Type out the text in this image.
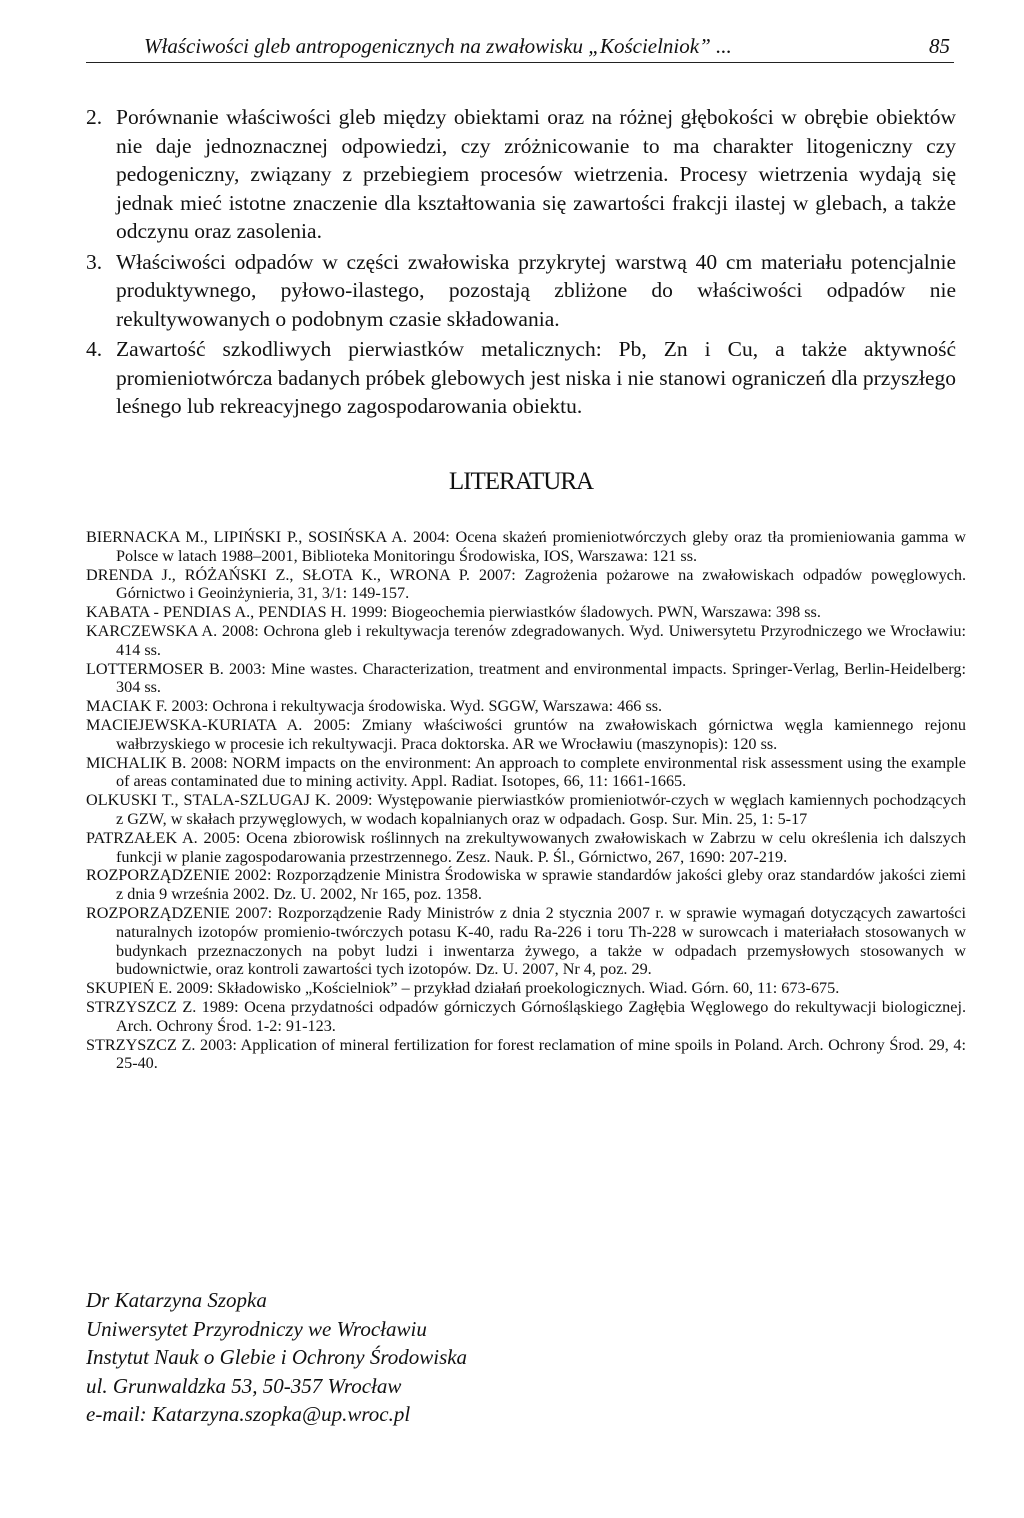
Właściwości gleb antropogenicznych na zwałowisku „Kościelniok” ...	85
2. Porównanie właściwości gleb między obiektami oraz na różnej głębokości w obrębie obiektów nie daje jednoznacznej odpowiedzi, czy zróżnicowanie to ma charakter litogeniczny czy pedogeniczny, związany z przebiegiem procesów wietrzenia. Procesy wietrzenia wydają się jednak mieć istotne znaczenie dla kształtowania się zawartości frakcji ilastej w glebach, a także odczynu oraz zasolenia.
3. Właściwości odpadów w części zwałowiska przykrytej warstwą 40 cm materiału potencjalnie produktywnego, pyłowo-ilastego, pozostają zbliżone do właściwości odpadów nie rekultywowanych o podobnym czasie składowania.
4. Zawartość szkodliwych pierwiastków metalicznych: Pb, Zn i Cu, a także aktywność promieniotwórcza badanych próbek glebowych jest niska i nie stanowi ograniczeń dla przyszłego leśnego lub rekreacyjnego zagospodarowania obiektu.
LITERATURA
BIERNACKA M., LIPIŃSKI P., SOSIŃSKA A. 2004: Ocena skażeń promieniotwórczych gleby oraz tła promieniowania gamma w Polsce w latach 1988–2001, Biblioteka Monitoringu Środowiska, IOS, Warszawa: 121 ss.
DRENDA J., RÓŻAŃSKI Z., SŁOTA K., WRONA P. 2007: Zagrożenia pożarowe na zwałowiskach odpadów powęglowych. Górnictwo i Geoinżynieria, 31, 3/1: 149-157.
KABATA - PENDIAS A., PENDIAS H. 1999: Biogeochemia pierwiastków śladowych. PWN, Warszawa: 398 ss.
KARCZEWSKA A. 2008: Ochrona gleb i rekultywacja terenów zdegradowanych. Wyd. Uniwersytetu Przyrodniczego we Wrocławiu: 414 ss.
LOTTERMOSER B. 2003: Mine wastes. Characterization, treatment and environmental impacts. Springer-Verlag, Berlin-Heidelberg: 304 ss.
MACIAK F. 2003: Ochrona i rekultywacja środowiska. Wyd. SGGW, Warszawa: 466 ss.
MACIEJEWSKA-KURIATA A. 2005: Zmiany właściwości gruntów na zwałowiskach górnictwa węgla kamiennego rejonu wałbrzyskiego w procesie ich rekultywacji. Praca doktorska. AR we Wrocławiu (maszynopis): 120 ss.
MICHALIK B. 2008: NORM impacts on the environment: An approach to complete environmental risk assessment using the example of areas contaminated due to mining activity. Appl. Radiat. Isotopes, 66, 11: 1661-1665.
OLKUSKI T., STALA-SZLUGAJ K. 2009: Występowanie pierwiastków promieniotwór-czych w węglach kamiennych pochodzących z GZW, w skałach przywęglowych, w wodach kopalnianych oraz w odpadach. Gosp. Sur. Min. 25, 1: 5-17
PATRZAŁEK A. 2005: Ocena zbiorowisk roślinnych na zrekultywowanych zwałowiskach w Zabrzu w celu określenia ich dalszych funkcji w planie zagospodarowania przestrzennego. Zesz. Nauk. P. Śl., Górnictwo, 267, 1690: 207-219.
ROZPORZĄDZENIE 2002: Rozporządzenie Ministra Środowiska w sprawie standardów jakości gleby oraz standardów jakości ziemi z dnia 9 września 2002. Dz. U. 2002, Nr 165, poz. 1358.
ROZPORZĄDZENIE 2007: Rozporządzenie Rady Ministrów z dnia 2 stycznia 2007 r. w sprawie wymagań dotyczących zawartości naturalnych izotopów promienio-twórczych potasu K-40, radu Ra-226 i toru Th-228 w surowcach i materiałach stosowanych w budynkach przeznaczonych na pobyt ludzi i inwentarza żywego, a także w odpadach przemysłowych stosowanych w budownictwie, oraz kontroli zawartości tych izotopów. Dz. U. 2007, Nr 4, poz. 29.
SKUPIEŃ E. 2009: Składowisko „Kościelniok” – przykład działań proekologicznych. Wiad. Górn. 60, 11: 673-675.
STRZYSZCZ Z. 1989: Ocena przydatności odpadów górniczych Górnośląskiego Zagłębia Węglowego do rekultywacji biologicznej. Arch. Ochrony Środ. 1-2: 91-123.
STRZYSZCZ Z. 2003: Application of mineral fertilization for forest reclamation of mine spoils in Poland. Arch. Ochrony Środ. 29, 4: 25-40.
Dr Katarzyna Szopka
Uniwersytet Przyrodniczy we Wrocławiu
Instytut Nauk o Glebie i Ochrony Środowiska
ul. Grunwaldzka 53, 50-357 Wrocław
e-mail: Katarzyna.szopka@up.wroc.pl
